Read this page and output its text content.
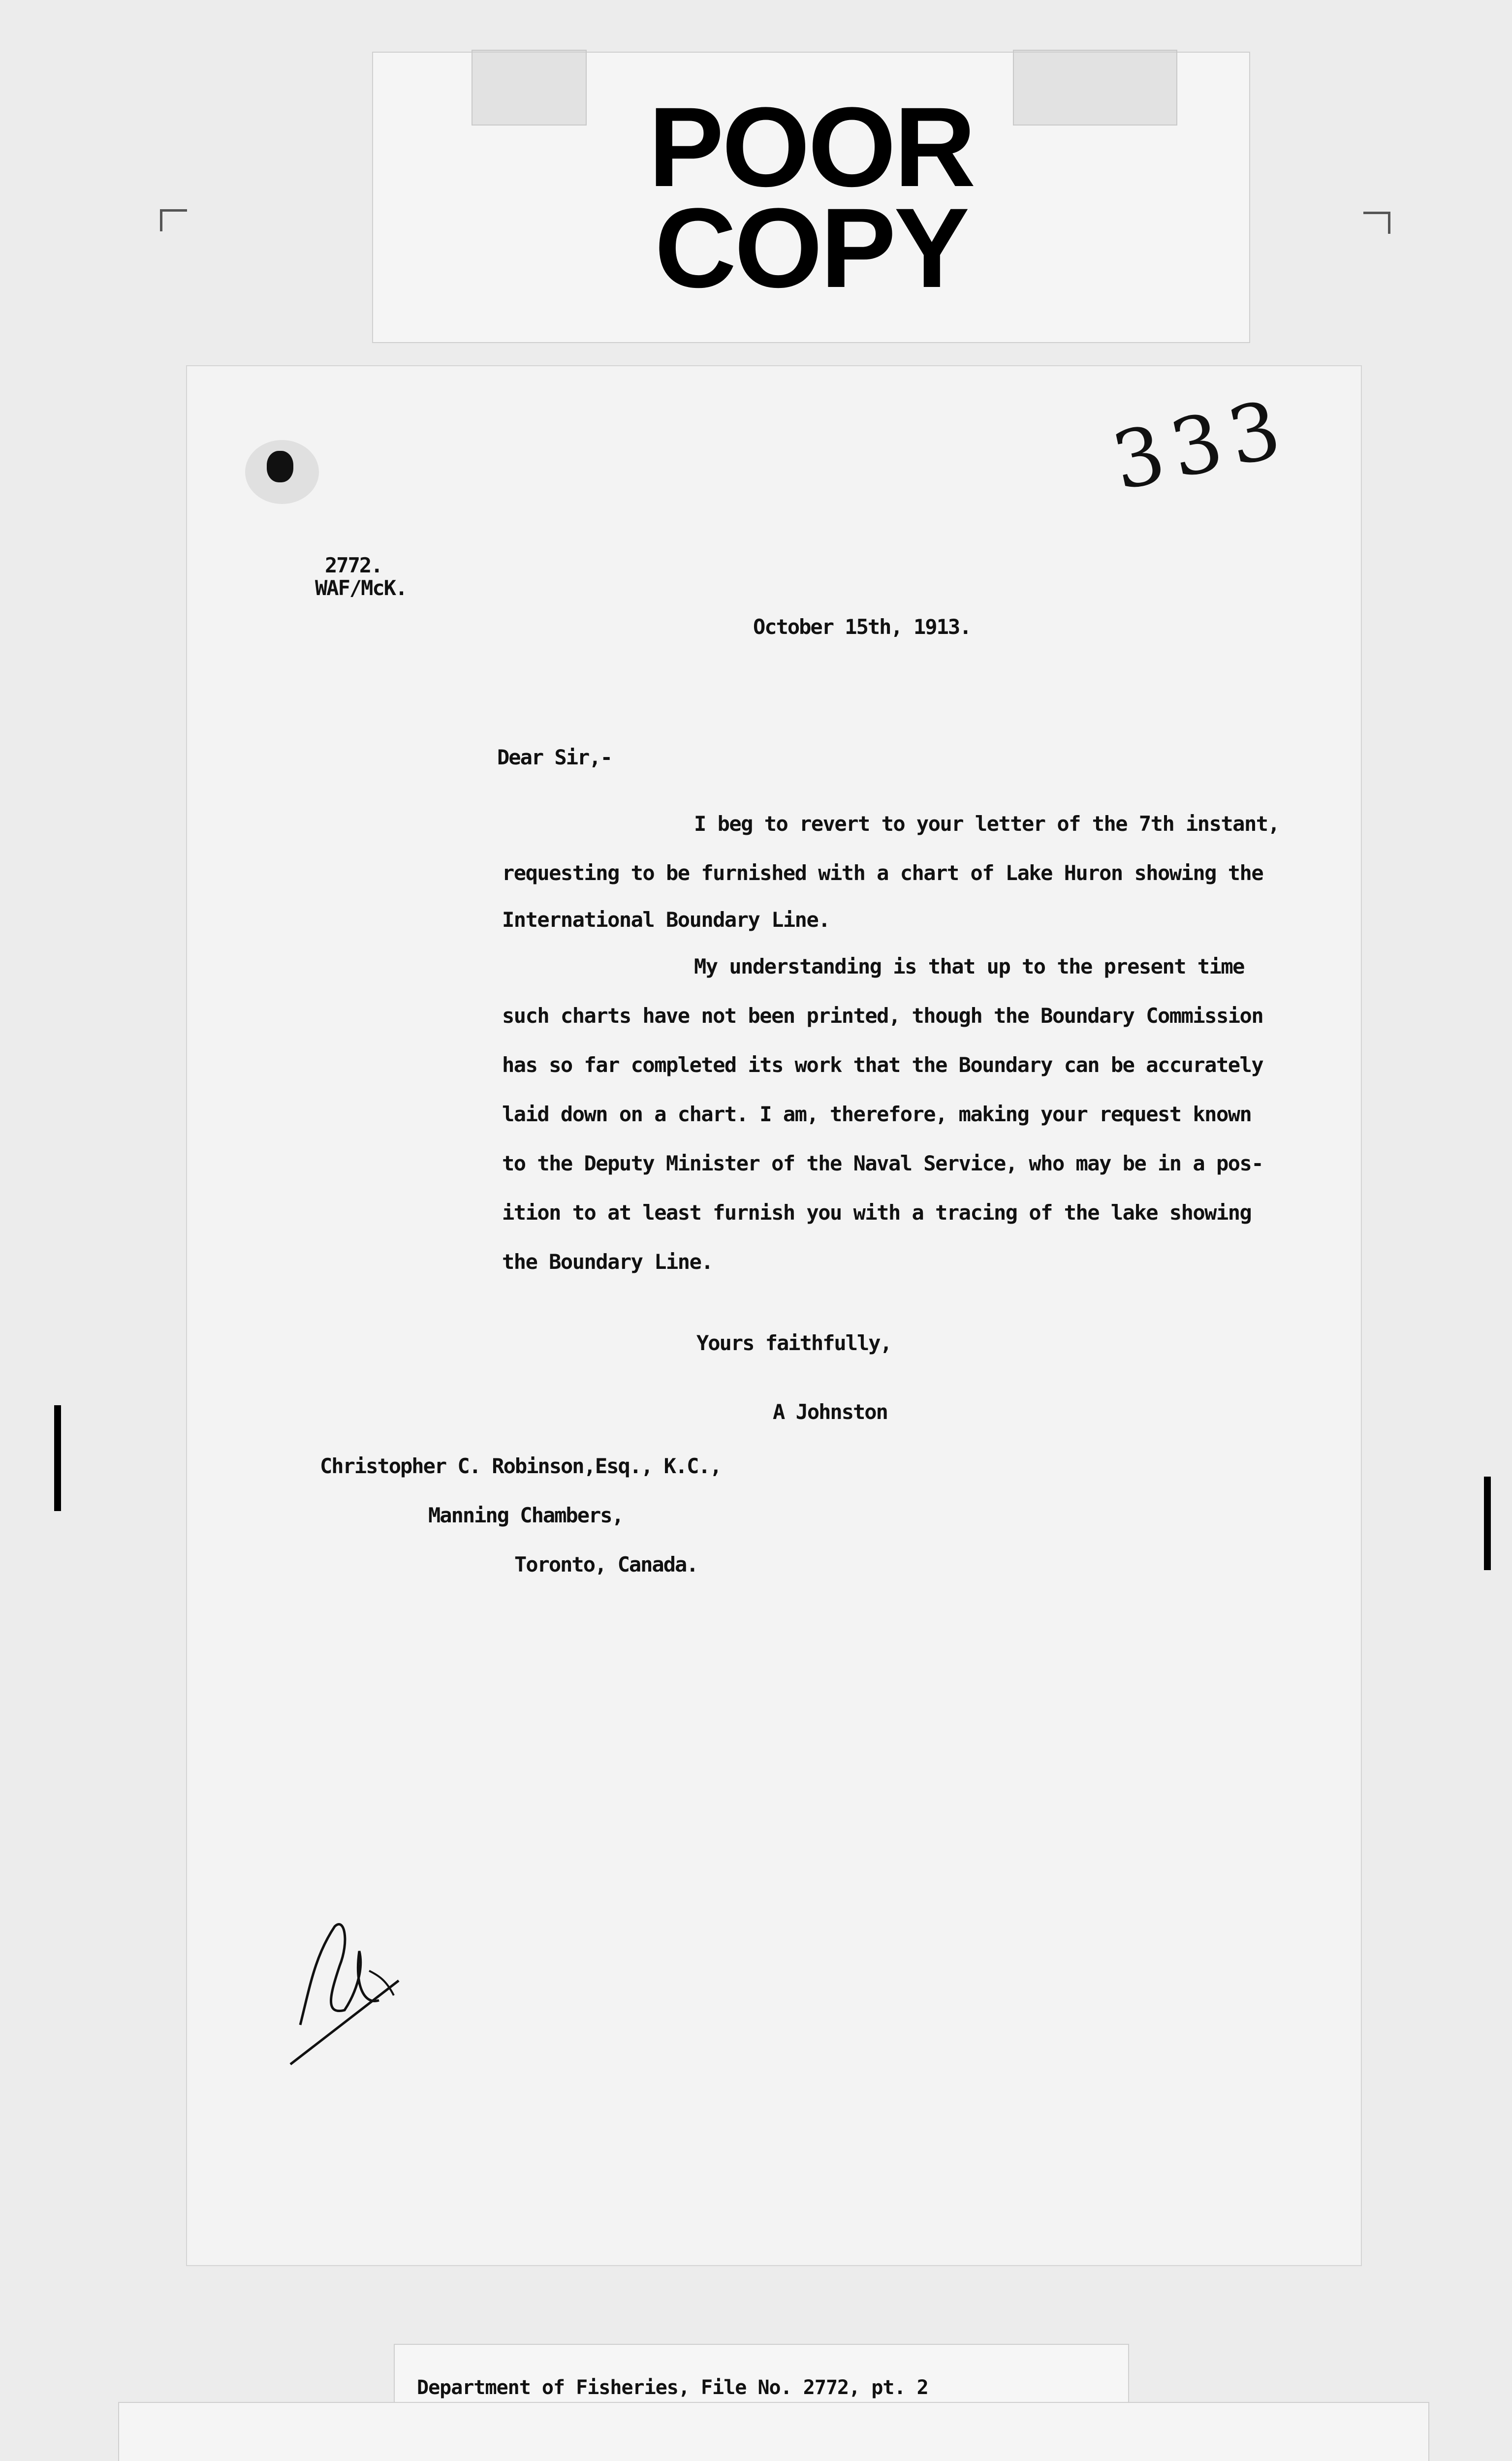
POOR
COPY
333
2772.
WAF/McK.
October 15th, 1913.
Dear Sir,-
I beg to revert to your letter of the 7th instant,
requesting to be furnished with a chart of Lake Huron showing the
International Boundary Line.
My understanding is that up to the present time
such charts have not been printed, though the Boundary Commission
has so far completed its work that the Boundary can be accurately
laid down on a chart. I am, therefore, making your request known
to the Deputy Minister of the Naval Service, who may be in a pos-
ition to at least furnish you with a tracing of the lake showing
the Boundary Line.
Yours faithfully,
A Johnston
Christopher C. Robinson,Esq., K.C.,
Manning Chambers,
Toronto, Canada.
Department of Fisheries, File No. 2772, pt. 2
